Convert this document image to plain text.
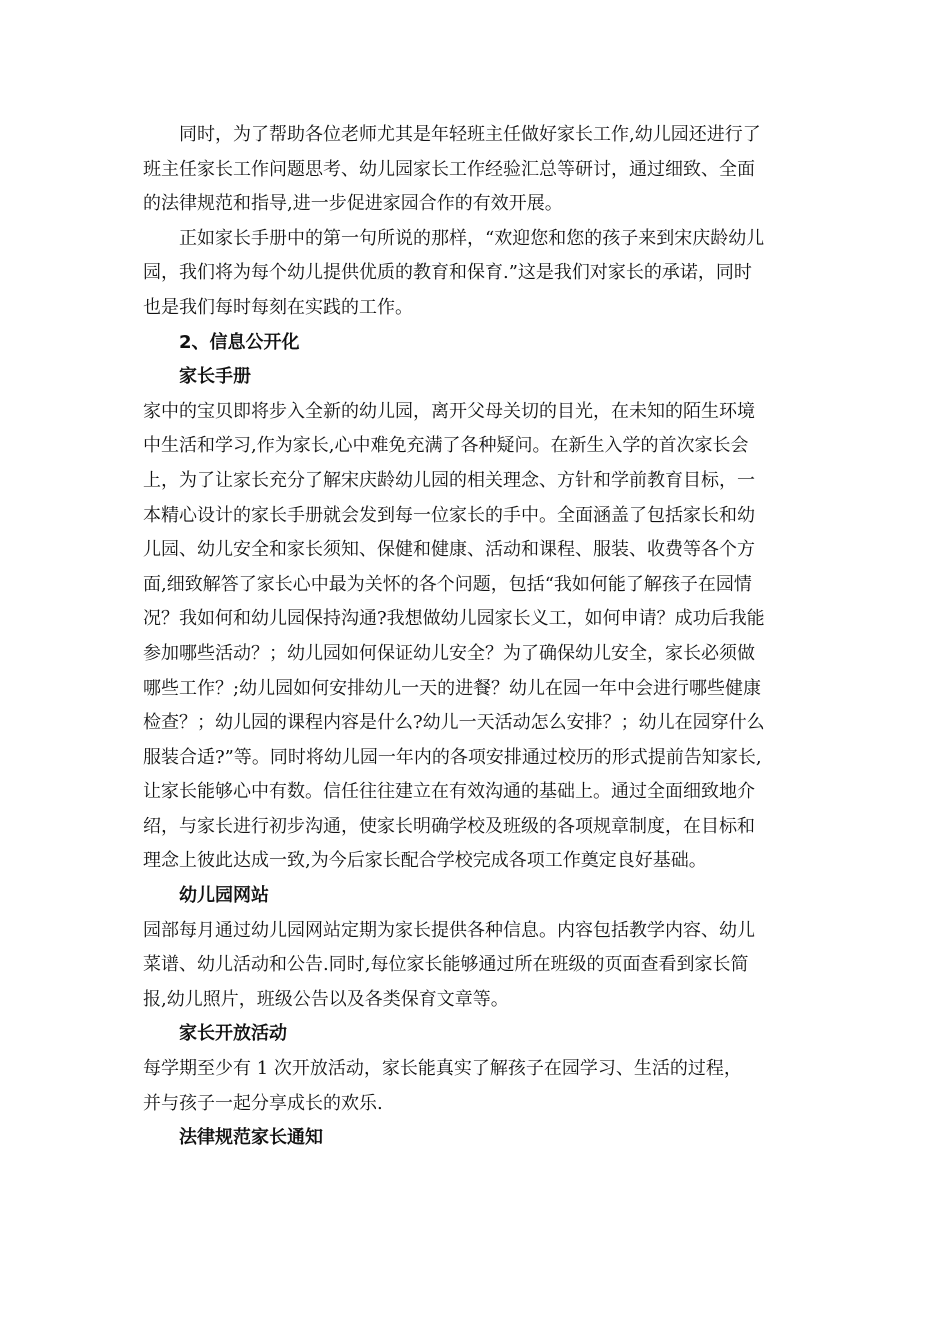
同时，为了帮助各位老师尤其是年轻班主任做好家长工作,幼儿园还进行了
班主任家长工作问题思考、幼儿园家长工作经验汇总等研讨，通过细致、全面
的法律规范和指导,进一步促进家园合作的有效开展。
正如家长手册中的第一句所说的那样，“欢迎您和您的孩子来到宋庆龄幼儿
园，我们将为每个幼儿提供优质的教育和保育.”这是我们对家长的承诺，同时
也是我们每时每刻在实践的工作。
2、信息公开化
家长手册
家中的宝贝即将步入全新的幼儿园，离开父母关切的目光，在未知的陌生环境
中生活和学习,作为家长,心中难免充满了各种疑问。在新生入学的首次家长会
上，为了让家长充分了解宋庆龄幼儿园的相关理念、方针和学前教育目标，一
本精心设计的家长手册就会发到每一位家长的手中。全面涵盖了包括家长和幼
儿园、幼儿安全和家长须知、保健和健康、活动和课程、服装、收费等各个方
面,细致解答了家长心中最为关怀的各个问题，包括“我如何能了解孩子在园情
况？我如何和幼儿园保持沟通?我想做幼儿园家长义工，如何申请？成功后我能
参加哪些活动？；幼儿园如何保证幼儿安全？为了确保幼儿安全，家长必须做
哪些工作？;幼儿园如何安排幼儿一天的进餐？幼儿在园一年中会进行哪些健康
检查？；幼儿园的课程内容是什么?幼儿一天活动怎么安排？；幼儿在园穿什么
服装合适?”等。同时将幼儿园一年内的各项安排通过校历的形式提前告知家长,
让家长能够心中有数。信任往往建立在有效沟通的基础上。通过全面细致地介
绍，与家长进行初步沟通，使家长明确学校及班级的各项规章制度，在目标和
理念上彼此达成一致,为今后家长配合学校完成各项工作奠定良好基础。
幼儿园网站
园部每月通过幼儿园网站定期为家长提供各种信息。内容包括教学内容、幼儿
菜谱、幼儿活动和公告.同时,每位家长能够通过所在班级的页面查看到家长简
报,幼儿照片，班级公告以及各类保育文章等。
家长开放活动
每学期至少有 1 次开放活动，家长能真实了解孩子在园学习、生活的过程，
并与孩子一起分享成长的欢乐.
法律规范家长通知
